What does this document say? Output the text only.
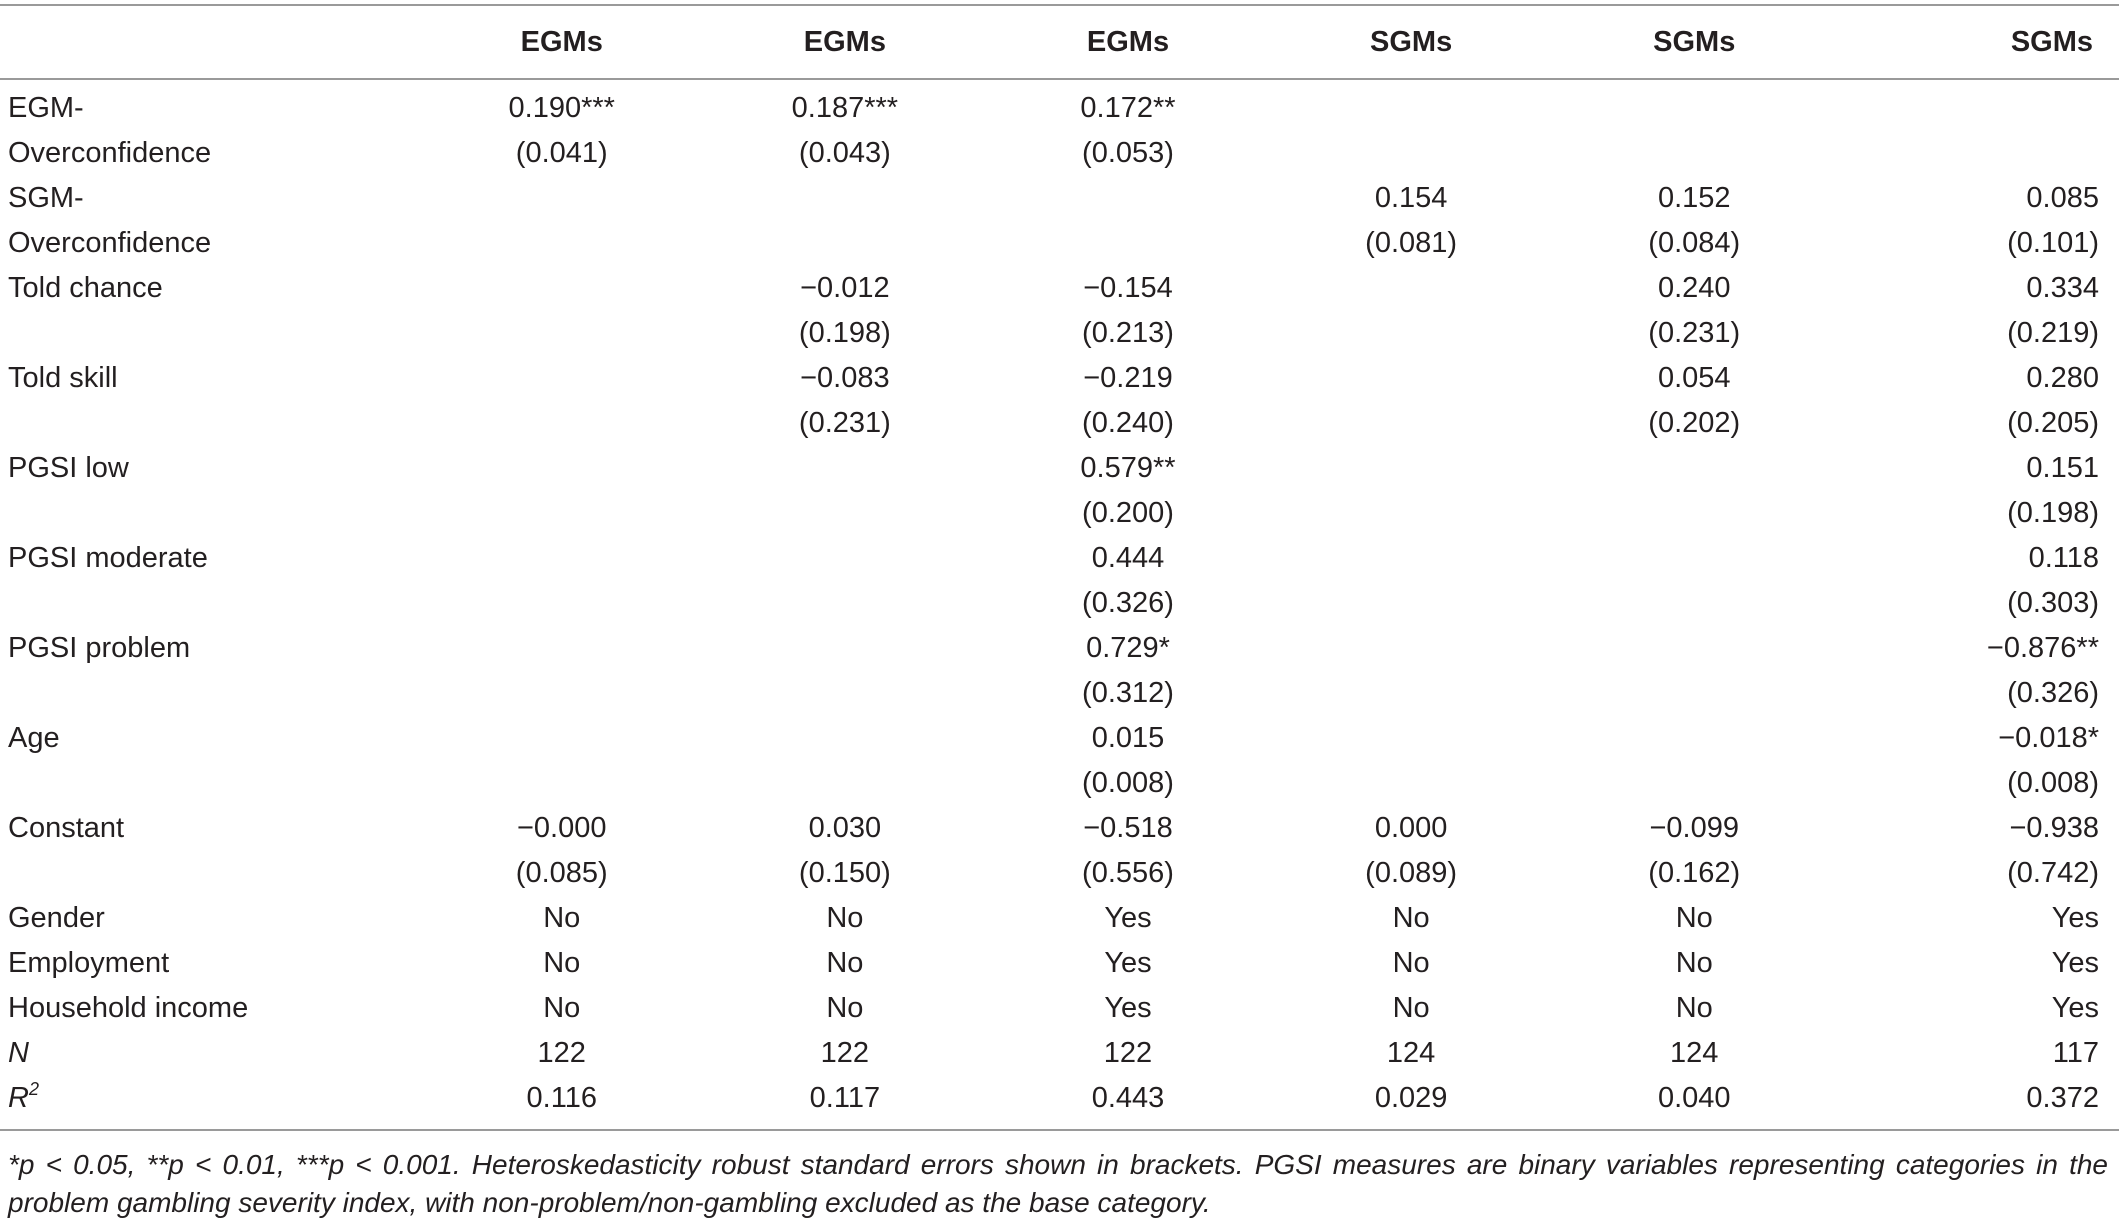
	EGMs	EGMs	EGMs	SGMs	SGMs	SGMs
EGM-	0.190***	0.187***	0.172**			
Overconfidence	(0.041)	(0.043)	(0.053)			
SGM-				0.154	0.152	0.085
Overconfidence				(0.081)	(0.084)	(0.101)
Told chance		−0.012	−0.154		0.240	0.334
		(0.198)	(0.213)		(0.231)	(0.219)
Told skill		−0.083	−0.219		0.054	0.280
		(0.231)	(0.240)		(0.202)	(0.205)
PGSI low			0.579**			0.151
			(0.200)			(0.198)
PGSI moderate			0.444			0.118
			(0.326)			(0.303)
PGSI problem			0.729*			−0.876**
			(0.312)			(0.326)
Age			0.015			−0.018*
			(0.008)			(0.008)
Constant	−0.000	0.030	−0.518	0.000	−0.099	−0.938
	(0.085)	(0.150)	(0.556)	(0.089)	(0.162)	(0.742)
Gender	No	No	Yes	No	No	Yes
Employment	No	No	Yes	No	No	Yes
Household income	No	No	Yes	No	No	Yes
N	122	122	122	124	124	117
$R^2$	0.116	0.117	0.443	0.029	0.040	0.372
*p < 0.05, **p < 0.01, ***p < 0.001. Heteroskedasticity robust standard errors shown in brackets. PGSI measures are binary variables representing categories in the problem gambling severity index, with non-problem/non-gambling excluded as the base category.
